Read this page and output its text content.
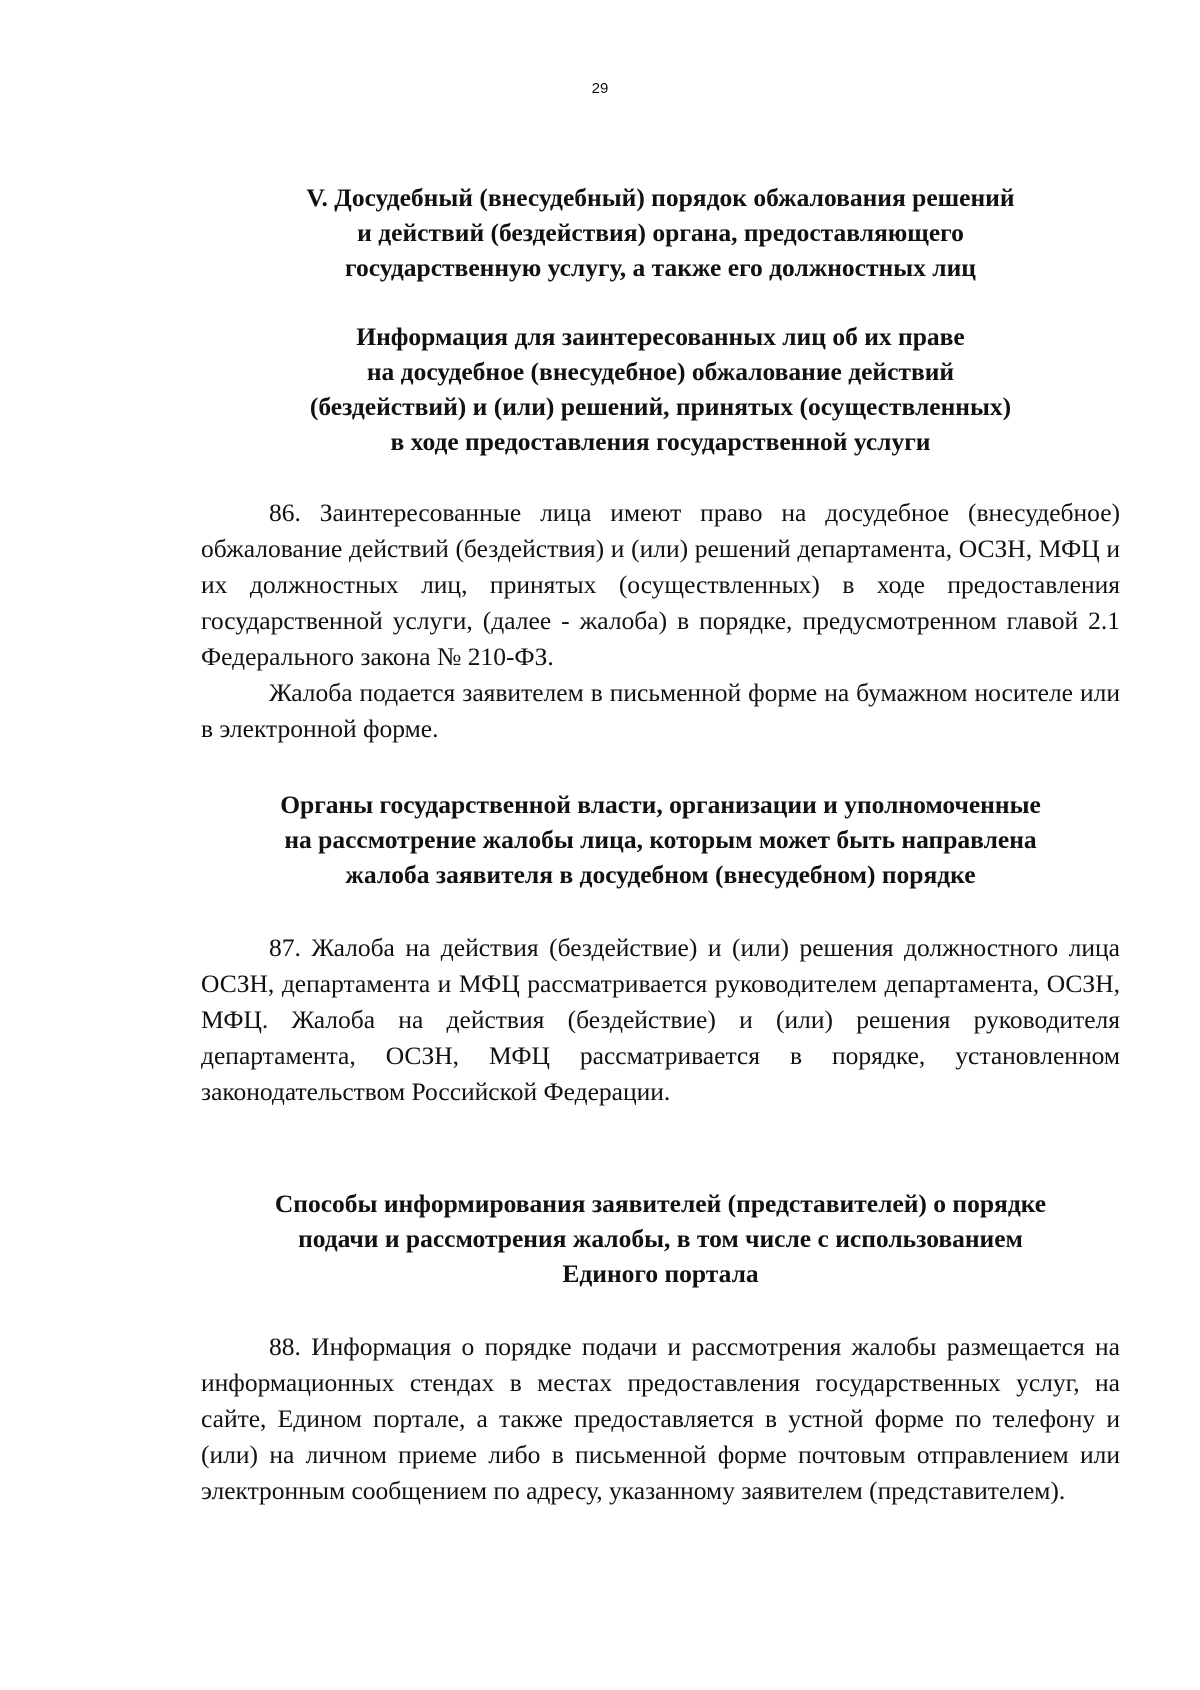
29
V. Досудебный (внесудебный) порядок обжалования решений
и действий (бездействия) органа, предоставляющего
государственную услугу, а также его должностных лиц
Информация для заинтересованных лиц об их праве
на досудебное (внесудебное) обжалование действий
(бездействий) и (или) решений, принятых (осуществленных)
в ходе предоставления государственной услуги

86. Заинтересованные лица имеют право на досудебное (внесудебное) обжалование действий (бездействия) и (или) решений департамента, ОСЗН, МФЦ и их должностных лиц, принятых (осуществленных) в ходе предоставления государственной услуги, (далее - жалоба) в порядке, предусмотренном главой 2.1 Федерального закона № 210-ФЗ.

Жалоба подается заявителем в письменной форме на бумажном носителе или в электронной форме.

Органы государственной власти, организации и уполномоченные
на рассмотрение жалобы лица, которым может быть направлена
жалоба заявителя в досудебном (внесудебном) порядке

87. Жалоба на действия (бездействие) и (или) решения должностного лица ОСЗН, департамента и МФЦ рассматривается руководителем департамента, ОСЗН, МФЦ. Жалоба на действия (бездействие) и (или) решения руководителя департамента, ОСЗН, МФЦ рассматривается в порядке, установленном законодательством Российской Федерации.

Способы информирования заявителей (представителей) о порядке
подачи и рассмотрения жалобы, в том числе с использованием
Единого портала

88. Информация о порядке подачи и рассмотрения жалобы размещается на информационных стендах в местах предоставления государственных услуг, на сайте, Едином портале, а также предоставляется в устной форме по телефону и (или) на личном приеме либо в письменной форме почтовым отправлением или электронным сообщением по адресу, указанному заявителем (представителем).
